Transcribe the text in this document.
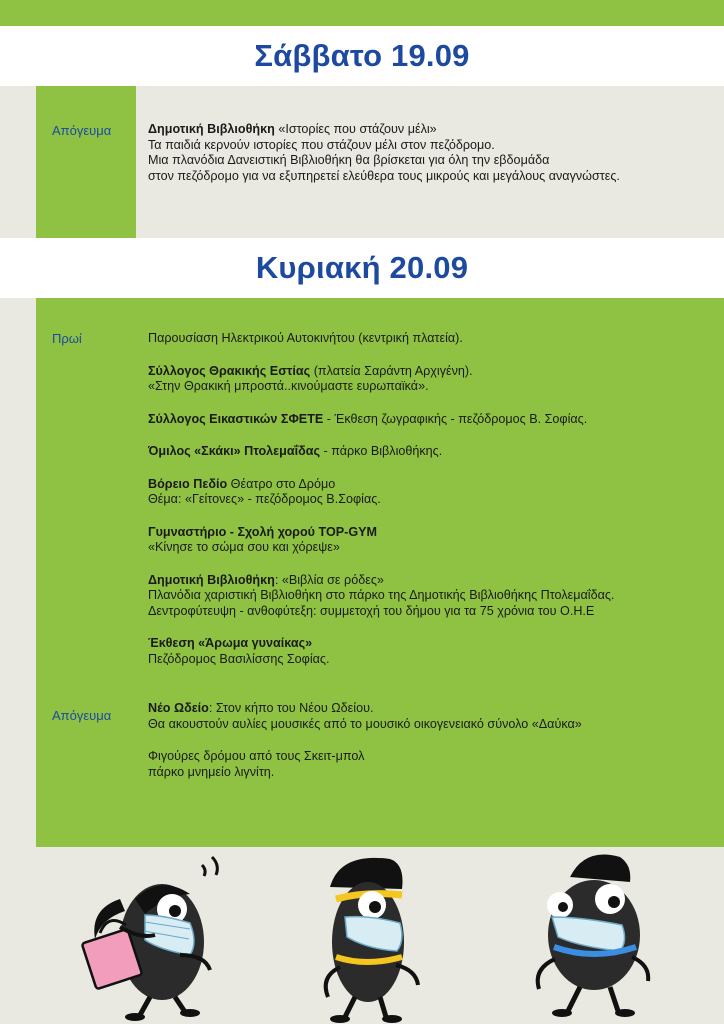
Σάββατο 19.09
Απόγευμα	Δημοτική Βιβλιοθήκη «Ιστορίες που στάζουν μέλι»

Τα παιδιά κερνούν ιστορίες που στάζουν μέλι στον πεζόδρομο.

Μια πλανόδια Δανειστική Βιβλιοθήκη θα βρίσκεται για όλη την εβδομάδα

στον πεζόδρομο για να εξυπηρετεί ελεύθερα τους μικρούς και μεγάλους αναγνώστες.

Κυριακή 20.09
Πρωί
Απόγευμα

Παρουσίαση Ηλεκτρικού Αυτοκινήτου (κεντρική πλατεία).

Σύλλογος Θρακικής Εστίας (πλατεία Σαράντη Αρχιγένη).

«Στην Θρακική μπροστά..κινούμαστε ευρωπαϊκά».

Σύλλογος Εικαστικών ΣΦΕΤΕ - Έκθεση ζωγραφικής - πεζόδρομος Β. Σοφίας.

Όμιλος «Σκάκι» Πτολεμαΐδας - πάρκο Βιβλιοθήκης.

Βόρειο Πεδίο Θέατρο στο Δρόμο

Θέμα: «Γείτονες» - πεζόδρομος Β.Σοφίας.

Γυμναστήριο - Σχολή χορού TOP-GYM

«Κίνησε το σώμα σου και χόρεψε»

Δημοτική Βιβλιοθήκη: «Βιβλία σε ρόδες»

Πλανόδια χαριστική Βιβλιοθήκη στο πάρκο της Δημοτικής Βιβλιοθήκης Πτολεμαΐδας.

Δεντροφύτευψη - ανθοφύτεξη: συμμετοχή του δήμου για τα 75 χρόνια του Ο.Η.Ε

Έκθεση «Άρωμα γυναίκας»

Πεζόδρομος Βασιλίσσης Σοφίας.

Νέο Ωδείο: Στον κήπο του Νέου Ωδείου.

Θα ακουστούν αυλίες μουσικές από το μουσικό οικογενειακό σύνολο «Δαύκα»

Φιγούρες δρόμου από τους Σκειτ-μπολ

πάρκο μνημείο λιγνίτη.
